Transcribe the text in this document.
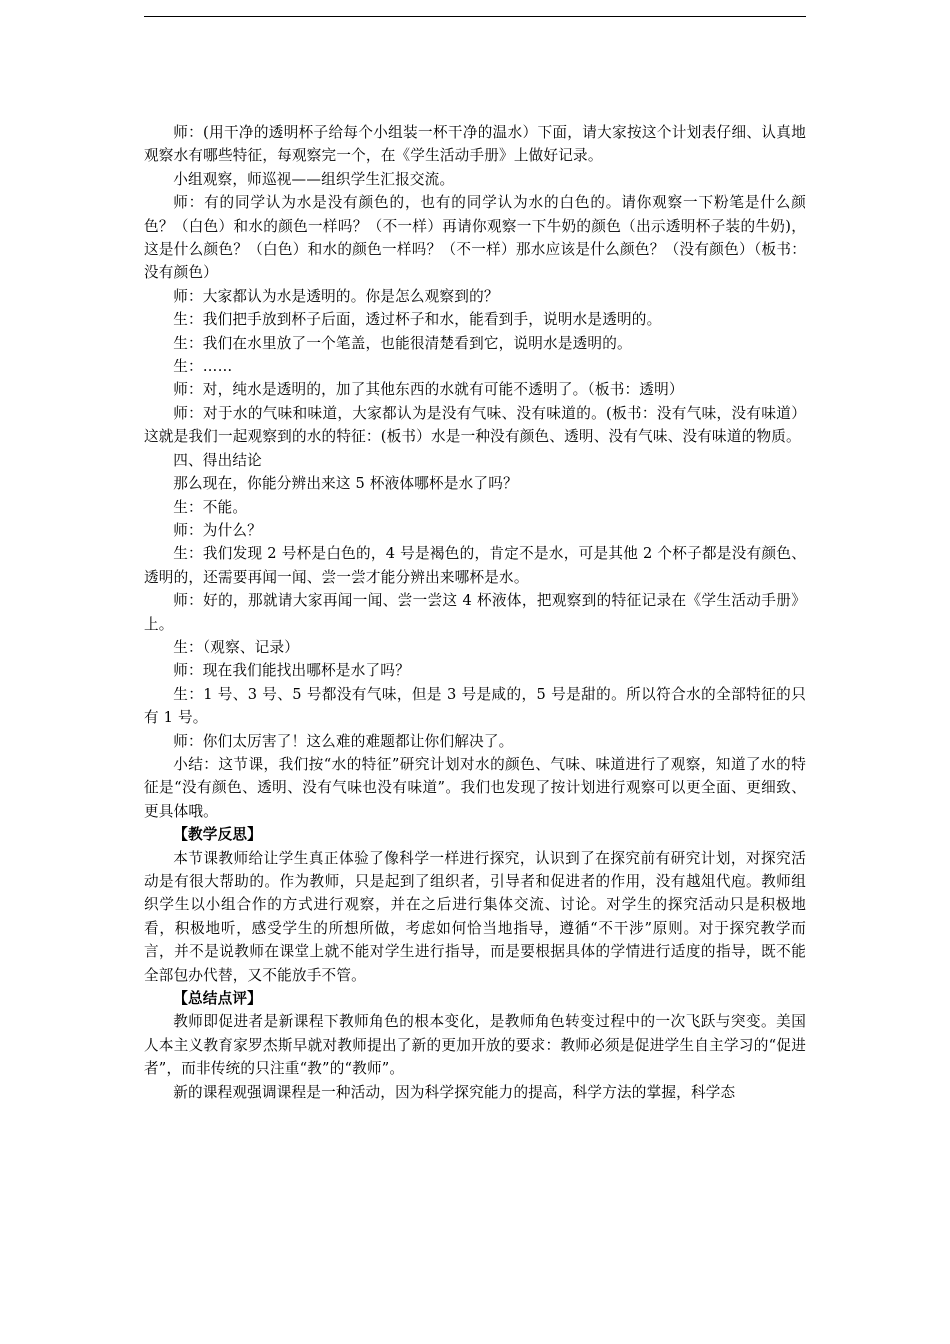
师：(用干净的透明杯子给每个小组装一杯干净的温水）下面，请大家按这个计划表仔细、认真地观察水有哪些特征，每观察完一个，在《学生活动手册》上做好记录。

小组观察，师巡视——组织学生汇报交流。

师：有的同学认为水是没有颜色的，也有的同学认为水的白色的。请你观察一下粉笔是什么颜色？（白色）和水的颜色一样吗？（不一样）再请你观察一下牛奶的颜色（出示透明杯子装的牛奶)，这是什么颜色？（白色）和水的颜色一样吗？（不一样）那水应该是什么颜色？（没有颜色）（板书：没有颜色）

师：大家都认为水是透明的。你是怎么观察到的？

生：我们把手放到杯子后面，透过杯子和水，能看到手，说明水是透明的。

生：我们在水里放了一个笔盖，也能很清楚看到它，说明水是透明的。

生：……

师：对，纯水是透明的，加了其他东西的水就有可能不透明了。（板书：透明）

师：对于水的气味和味道，大家都认为是没有气味、没有味道的。(板书：没有气味，没有味道）这就是我们一起观察到的水的特征：(板书）水是一种没有颜色、透明、没有气味、没有味道的物质。

四、得出结论

那么现在，你能分辨出来这 5 杯液体哪杯是水了吗？

生：不能。

师：为什么？

生：我们发现 2 号杯是白色的，4 号是褐色的，肯定不是水，可是其他 2 个杯子都是没有颜色、透明的，还需要再闻一闻、尝一尝才能分辨出来哪杯是水。

师：好的，那就请大家再闻一闻、尝一尝这 4 杯液体，把观察到的特征记录在《学生活动手册》上。

生：（观察、记录）

师：现在我们能找出哪杯是水了吗？

生：1 号、3 号、5 号都没有气味，但是 3 号是咸的，5 号是甜的。所以符合水的全部特征的只有 1 号。

师：你们太厉害了！这么难的难题都让你们解决了。

小结：这节课，我们按“水的特征”研究计划对水的颜色、气味、味道进行了观察，知道了水的特征是“没有颜色、透明、没有气味也没有味道”。我们也发现了按计划进行观察可以更全面、更细致、更具体哦。

【教学反思】

本节课教师给让学生真正体验了像科学一样进行探究，认识到了在探究前有研究计划，对探究活动是有很大帮助的。作为教师，只是起到了组织者，引导者和促进者的作用，没有越俎代庖。教师组织学生以小组合作的方式进行观察，并在之后进行集体交流、讨论。对学生的探究活动只是积极地看，积极地听，感受学生的所想所做，考虑如何恰当地指导，遵循“不干涉”原则。对于探究教学而言，并不是说教师在课堂上就不能对学生进行指导，而是要根据具体的学情进行适度的指导，既不能全部包办代替，又不能放手不管。

【总结点评】

教师即促进者是新课程下教师角色的根本变化，是教师角色转变过程中的一次飞跃与突变。美国人本主义教育家罗杰斯早就对教师提出了新的更加开放的要求：教师必须是促进学生自主学习的“促进者”，而非传统的只注重“教”的“教师”。

新的课程观强调课程是一种活动，因为科学探究能力的提高，科学方法的掌握，科学态
